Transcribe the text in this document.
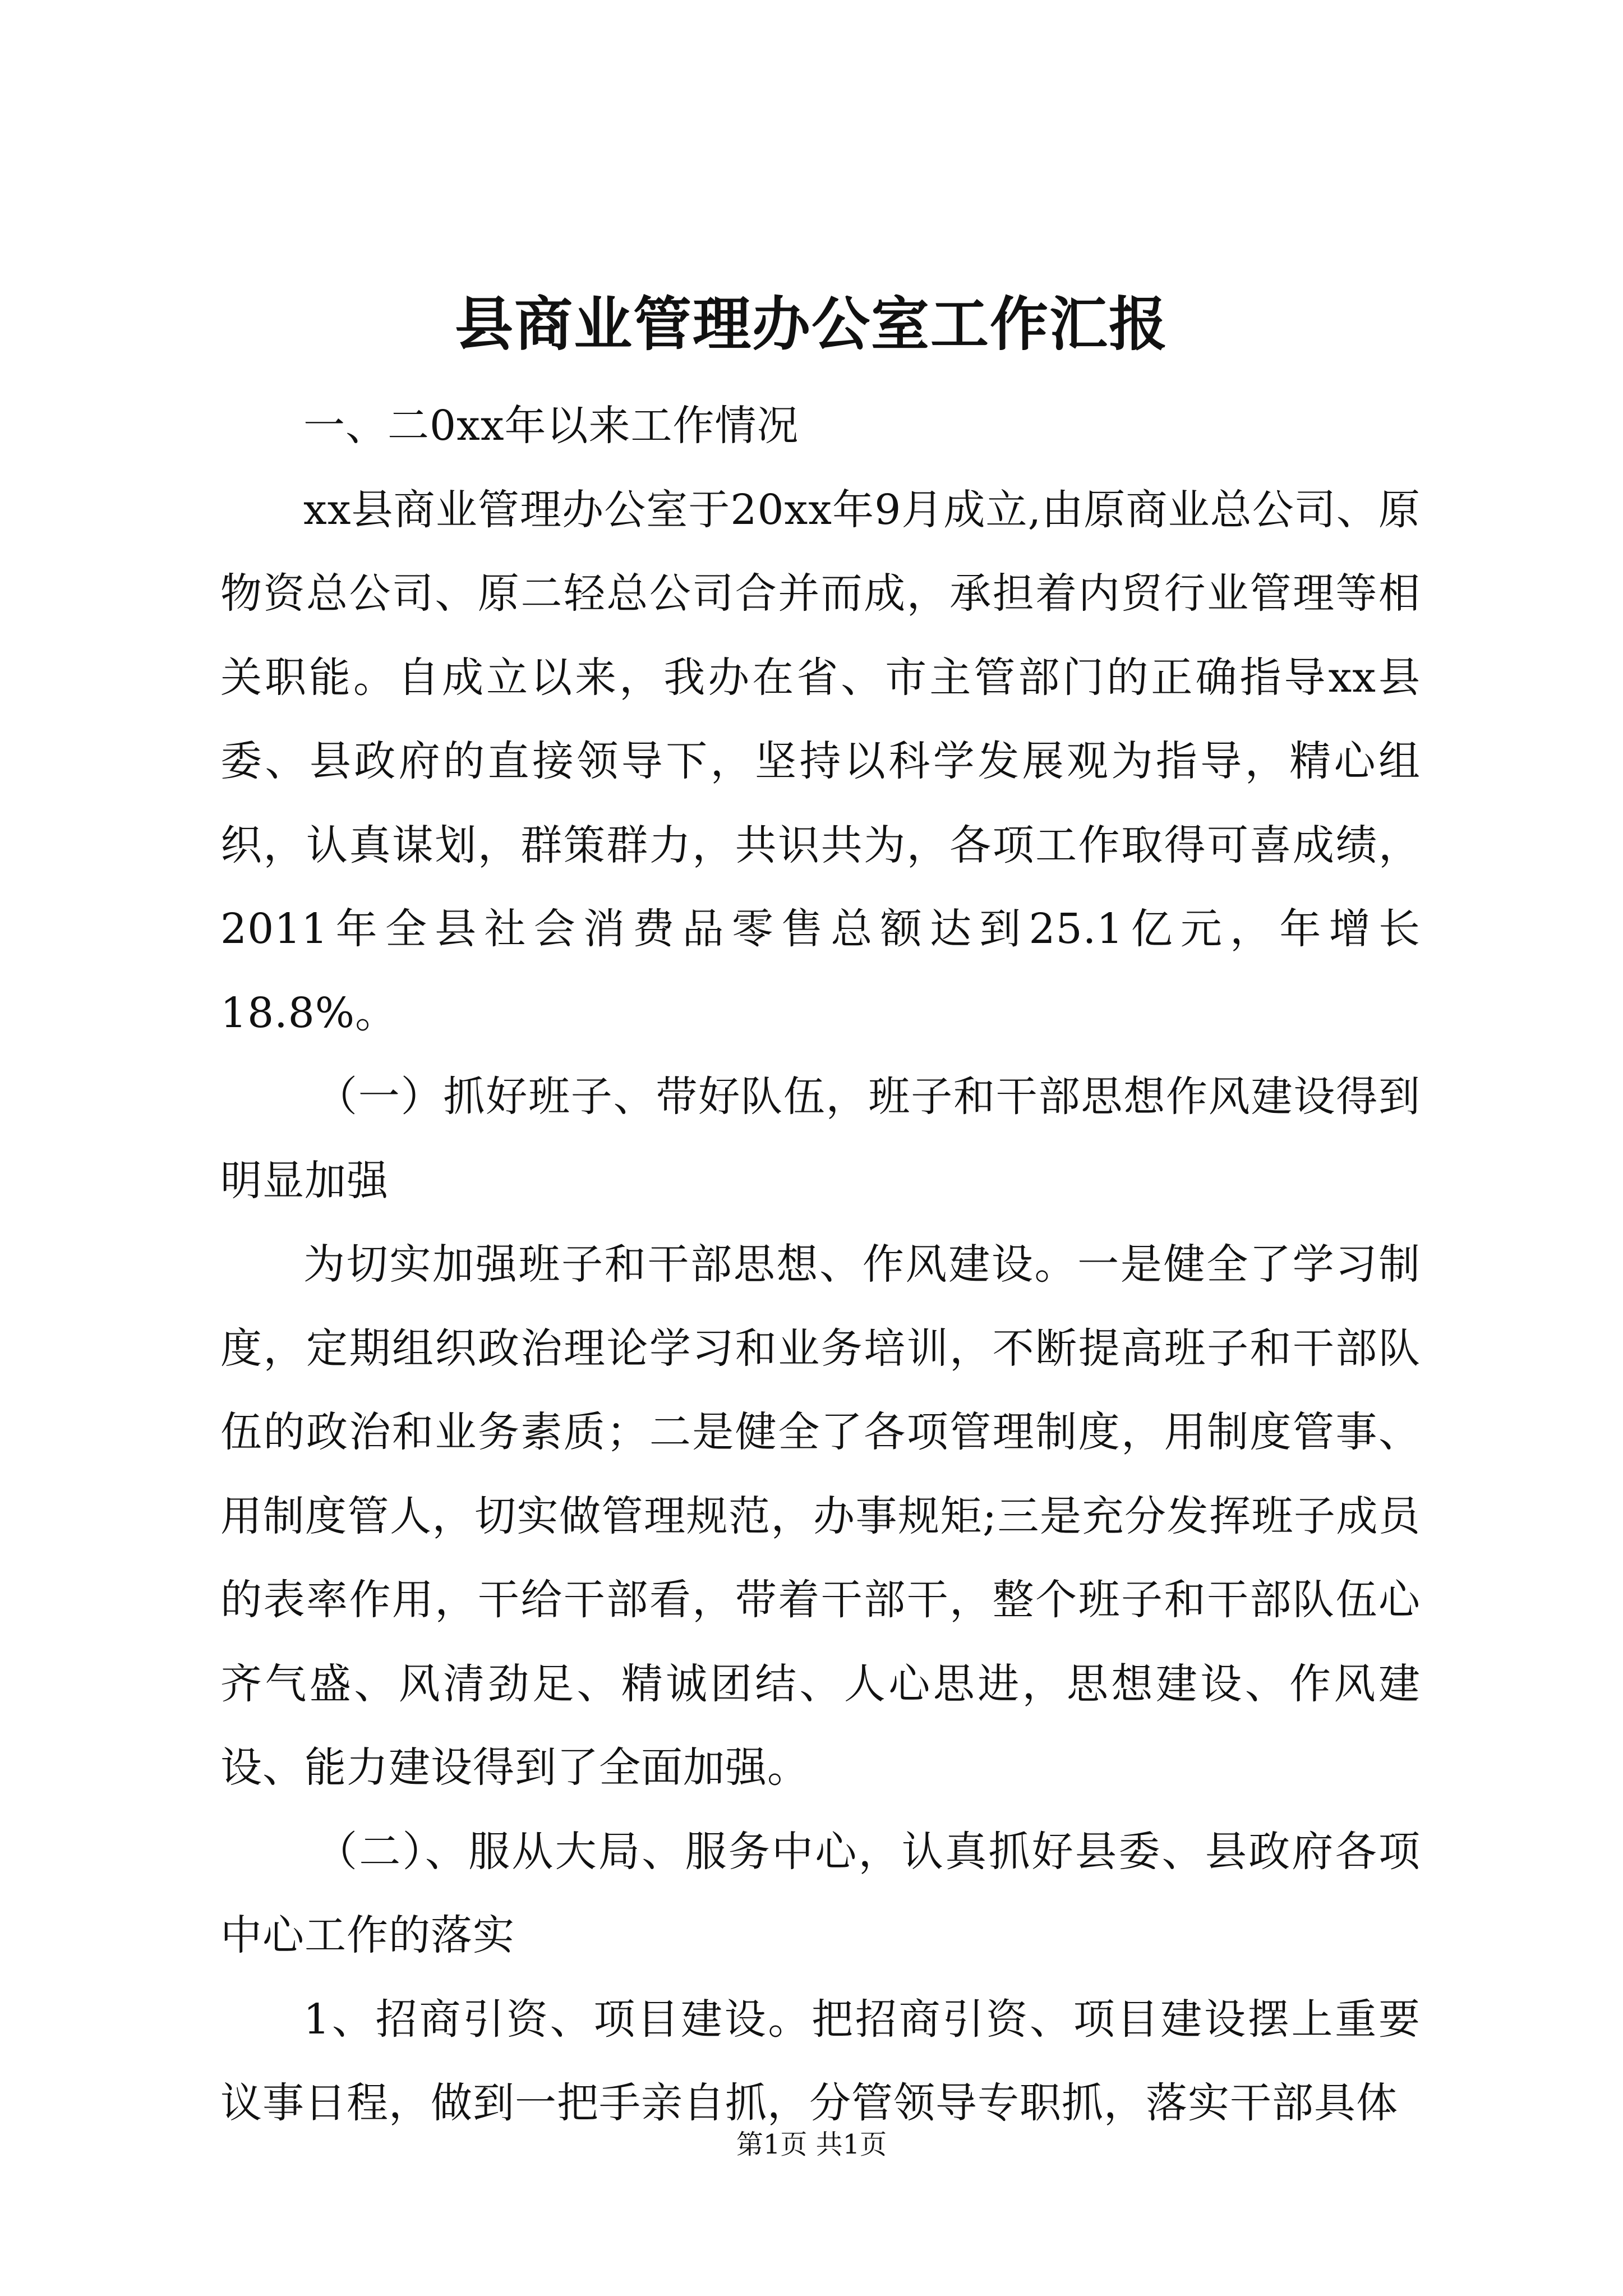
县商业管理办公室工作汇报

一、二0xx年以来工作情况

xx县商业管理办公室于20xx年9月成立,由原商业总公司、原物资总公司、原二轻总公司合并而成，承担着内贸行业管理等相关职能。自成立以来，我办在省、市主管部门的正确指导xx县委、县政府的直接领导下，坚持以科学发展观为指导，精心组织，认真谋划，群策群力，共识共为，各项工作取得可喜成绩，2011年全县社会消费品零售总额达到25.1亿元，年增长18.8%。

（一）抓好班子、带好队伍，班子和干部思想作风建设得到明显加强

为切实加强班子和干部思想、作风建设。一是健全了学习制度，定期组织政治理论学习和业务培训，不断提高班子和干部队伍的政治和业务素质；二是健全了各项管理制度，用制度管事、用制度管人，切实做管理规范，办事规矩;三是充分发挥班子成员的表率作用，干给干部看，带着干部干，整个班子和干部队伍心齐气盛、风清劲足、精诚团结、人心思进，思想建设、作风建设、能力建设得到了全面加强。

（二）、服从大局、服务中心，认真抓好县委、县政府各项中心工作的落实

1、招商引资、项目建设。把招商引资、项目建设摆上重要议事日程，做到一把手亲自抓，分管领导专职抓，落实干部具体

第1页 共1页
